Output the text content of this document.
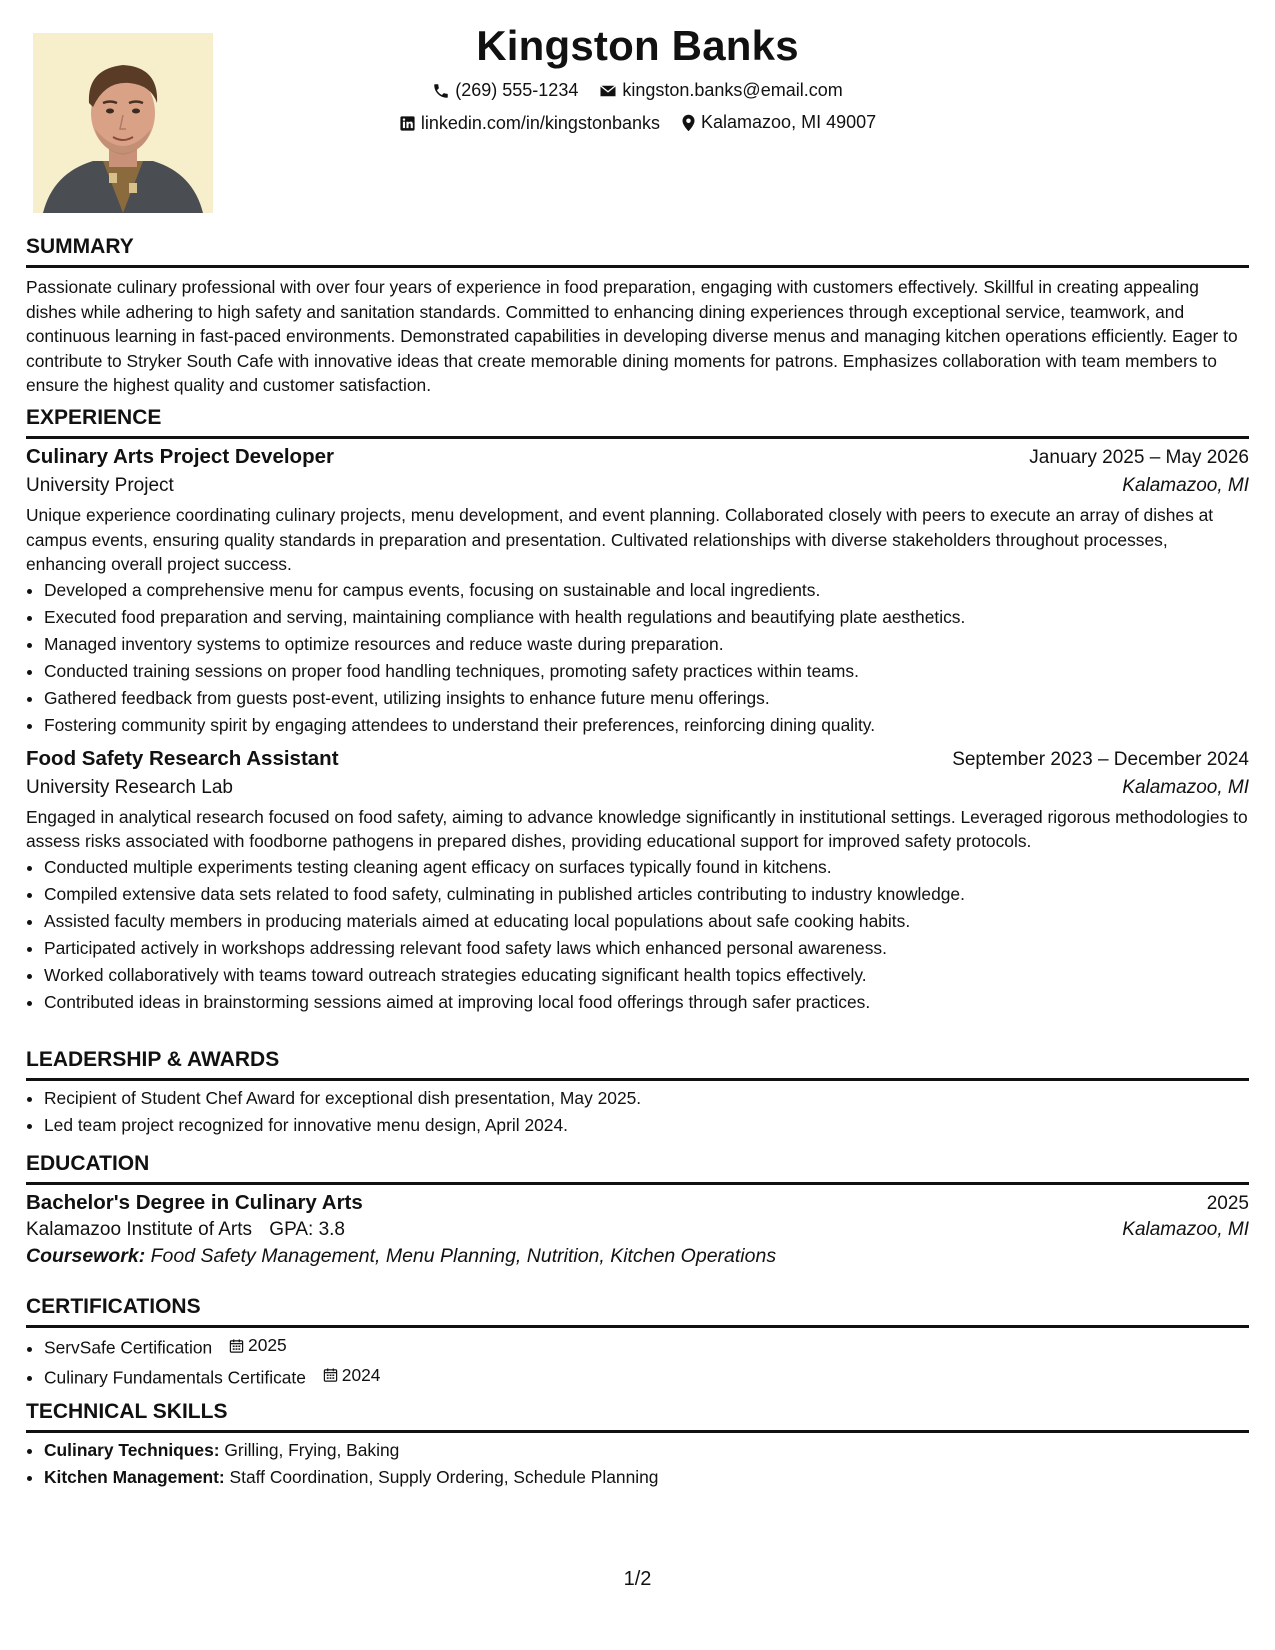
Kingston Banks
(269) 555-1234
kingston.banks@email.com
linkedin.com/in/kingstonbanks
Kalamazoo, MI 49007
SUMMARY

Passionate culinary professional with over four years of experience in food preparation, engaging with customers effectively. Skillful in creating appealing dishes while adhering to high safety and sanitation standards. Committed to enhancing dining experiences through exceptional service, teamwork, and continuous learning in fast-paced environments. Demonstrated capabilities in developing diverse menus and managing kitchen operations efficiently. Eager to contribute to Stryker South Cafe with innovative ideas that create memorable dining moments for patrons. Emphasizes collaboration with team members to ensure the highest quality and customer satisfaction.

EXPERIENCE
Culinary Arts Project Developer	January 2025 – May 2026
University Project	Kalamazoo, MI

Unique experience coordinating culinary projects, menu development, and event planning. Collaborated closely with peers to execute an array of dishes at campus events, ensuring quality standards in preparation and presentation. Cultivated relationships with diverse stakeholders throughout processes, enhancing overall project success.

• Developed a comprehensive menu for campus events, focusing on sustainable and local ingredients.
• Executed food preparation and serving, maintaining compliance with health regulations and beautifying plate aesthetics.
• Managed inventory systems to optimize resources and reduce waste during preparation.
• Conducted training sessions on proper food handling techniques, promoting safety practices within teams.
• Gathered feedback from guests post-event, utilizing insights to enhance future menu offerings.
• Fostering community spirit by engaging attendees to understand their preferences, reinforcing dining quality.
Food Safety Research Assistant	September 2023 – December 2024
University Research Lab	Kalamazoo, MI

Engaged in analytical research focused on food safety, aiming to advance knowledge significantly in institutional settings. Leveraged rigorous methodologies to assess risks associated with foodborne pathogens in prepared dishes, providing educational support for improved safety protocols.

• Conducted multiple experiments testing cleaning agent efficacy on surfaces typically found in kitchens.
• Compiled extensive data sets related to food safety, culminating in published articles contributing to industry knowledge.
• Assisted faculty members in producing materials aimed at educating local populations about safe cooking habits.
• Participated actively in workshops addressing relevant food safety laws which enhanced personal awareness.
• Worked collaboratively with teams toward outreach strategies educating significant health topics effectively.
• Contributed ideas in brainstorming sessions aimed at improving local food offerings through safer practices.
LEADERSHIP & AWARDS
• Recipient of Student Chef Award for exceptional dish presentation, May 2025.
• Led team project recognized for innovative menu design, April 2024.
EDUCATION
Bachelor's Degree in Culinary Arts	2025
Kalamazoo Institute of Arts GPA: 3.8	Kalamazoo, MI
Coursework: Food Safety Management, Menu Planning, Nutrition, Kitchen Operations
CERTIFICATIONS
• ServSafe Certification 2025
• Culinary Fundamentals Certificate 2024
TECHNICAL SKILLS
• Culinary Techniques: Grilling, Frying, Baking
• Kitchen Management: Staff Coordination, Supply Ordering, Schedule Planning
1/2
